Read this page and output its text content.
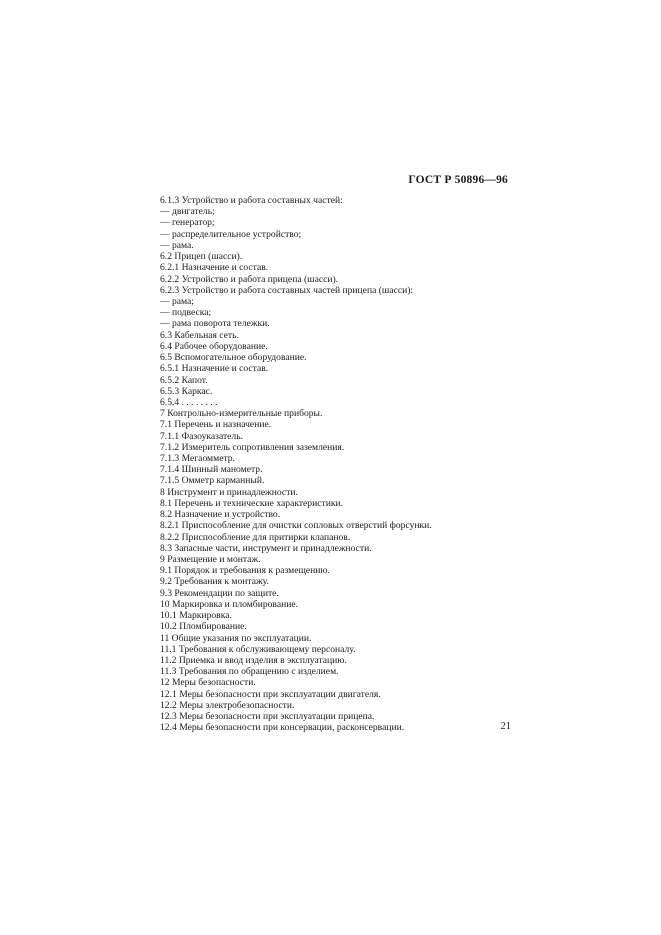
ГОСТ Р 50896—96
6.1.3 Устройство и работа составных частей:
— двигатель;
— генератор;
— распределительное устройство;
— рама.
6.2 Прицеп (шасси).
6.2.1 Назначение и состав.
6.2.2 Устройство и работа прицепа (шасси).
6.2.3 Устройство и работа составных частей прицепа (шасси):
— рама;
— подвеска;
— рама поворота тележки.
6.3 Кабельная сеть.
6.4 Рабочее оборудование.
6.5 Вспомогательное оборудование.
6.5.1 Назначение и состав.
6.5.2 Капот.
6.5.3 Каркас.
6.5.4 . . . . . . . .
7 Контрольно-измерительные приборы.
7.1 Перечень и назначение.
7.1.1 Фазоуказатель.
7.1.2 Измеритель сопротивления заземления.
7.1.3 Мегаомметр.
7.1.4 Шинный манометр.
7.1.5 Омметр карманный.
8 Инструмент и принадлежности.
8.1 Перечень и технические характеристики.
8.2 Назначение и устройство.
8.2.1 Приспособление для очистки сопловых отверстий форсунки.
8.2.2 Приспособление для притирки клапанов.
8.3 Запасные части, инструмент и принадлежности.
9 Размещение и монтаж.
9.1 Порядок и требования к размещению.
9.2 Требования к монтажу.
9.3 Рекомендации по защите.
10 Маркировка и пломбирование.
10.1 Маркировка.
10.2 Пломбирование.
11 Общие указания по эксплуатации.
11.1 Требования к обслуживающему персоналу.
11.2 Приемка и ввод изделия в эксплуатацию.
11.3 Требования по обращению с изделием.
12 Меры безопасности.
12.1 Меры безопасности при эксплуатации двигателя.
12.2 Меры электробезопасности.
12.3 Меры безопасности при эксплуатации прицепа.
12.4 Меры безопасности при консервации, расконсервации.	21
